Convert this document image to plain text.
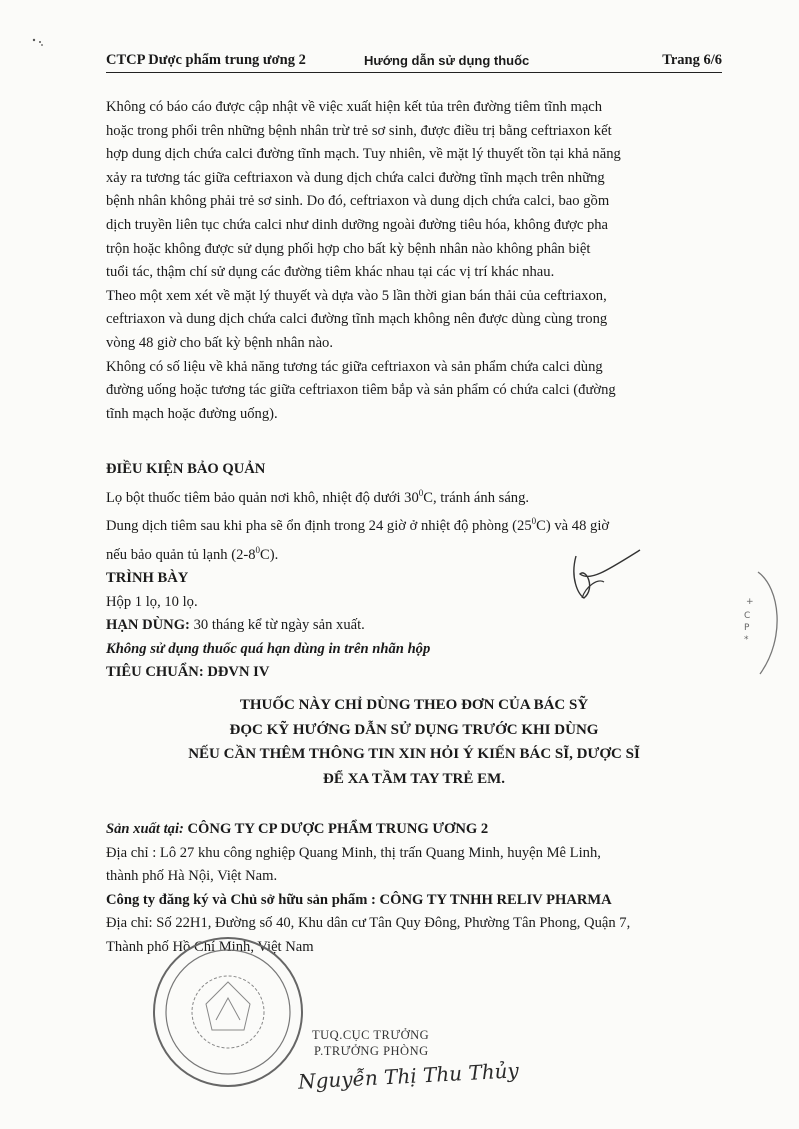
CTCP Dược phẩm trung ương 2	Hướng dẫn sử dụng thuốc	Trang 6/6

Không có báo cáo được cập nhật về việc xuất hiện kết tủa trên đường tiêm tĩnh mạch

hoặc trong phổi trên những bệnh nhân trừ trẻ sơ sinh, được điều trị bằng ceftriaxon kết

hợp dung dịch chứa calci đường tĩnh mạch. Tuy nhiên, về mặt lý thuyết tồn tại khả năng

xảy ra tương tác giữa ceftriaxon và dung dịch chứa calci đường tĩnh mạch trên những

bệnh nhân không phải trẻ sơ sinh. Do đó, ceftriaxon và dung dịch chứa calci, bao gồm

dịch truyền liên tục chứa calci như dinh dưỡng ngoài đường tiêu hóa, không được pha

trộn hoặc không được sử dụng phối hợp cho bất kỳ bệnh nhân nào không phân biệt

tuổi tác, thậm chí sử dụng các đường tiêm khác nhau tại các vị trí khác nhau.

Theo một xem xét về mặt lý thuyết và dựa vào 5 lần thời gian bán thải của ceftriaxon,

ceftriaxon và dung dịch chứa calci đường tĩnh mạch không nên được dùng cùng trong

vòng 48 giờ cho bất kỳ bệnh nhân nào.

Không có số liệu về khả năng tương tác giữa ceftriaxon và sản phẩm chứa calci dùng

đường uống hoặc tương tác giữa ceftriaxon tiêm bắp và sản phẩm có chứa calci (đường

tĩnh mạch hoặc đường uống).

ĐIỀU KIỆN BẢO QUẢN

Lọ bột thuốc tiêm bảo quản nơi khô, nhiệt độ dưới $30^0C$, tránh ánh sáng.

Dung dịch tiêm sau khi pha sẽ ổn định trong 24 giờ ở nhiệt độ phòng $(25^0C)$ và 48 giờ

nếu bảo quản tủ lạnh $(2-8^0C)$.

TRÌNH BÀY

Hộp 1 lọ, 10 lọ.

HẠN DÙNG: 30 tháng kể từ ngày sản xuất.

Không sử dụng thuốc quá hạn dùng in trên nhãn hộp

TIÊU CHUẨN: DĐVN IV

+
C
P
*

THUỐC NÀY CHỈ DÙNG THEO ĐƠN CỦA BÁC SỸ

ĐỌC KỸ HƯỚNG DẪN SỬ DỤNG TRƯỚC KHI DÙNG

NẾU CẦN THÊM THÔNG TIN XIN HỎI Ý KIẾN BÁC SĨ, DƯỢC SĨ

ĐỂ XA TẦM TAY TRẺ EM.

Sản xuất tại: CÔNG TY CP DƯỢC PHẨM TRUNG ƯƠNG 2

Địa chỉ : Lô 27 khu công nghiệp Quang Minh, thị trấn Quang Minh, huyện Mê Linh,

thành phố Hà Nội, Việt Nam.

Công ty đăng ký và Chủ sở hữu sản phẩm : CÔNG TY TNHH RELIV PHARMA

Địa chỉ: Số 22H1, Đường số 40, Khu dân cư Tân Quy Đông, Phường Tân Phong, Quận 7,

Thành phố Hồ Chí Minh, Việt Nam

TUQ.CỤC TRƯỞNG

P.TRƯỞNG PHÒNG

Nguyễn Thị Thu Thủy
